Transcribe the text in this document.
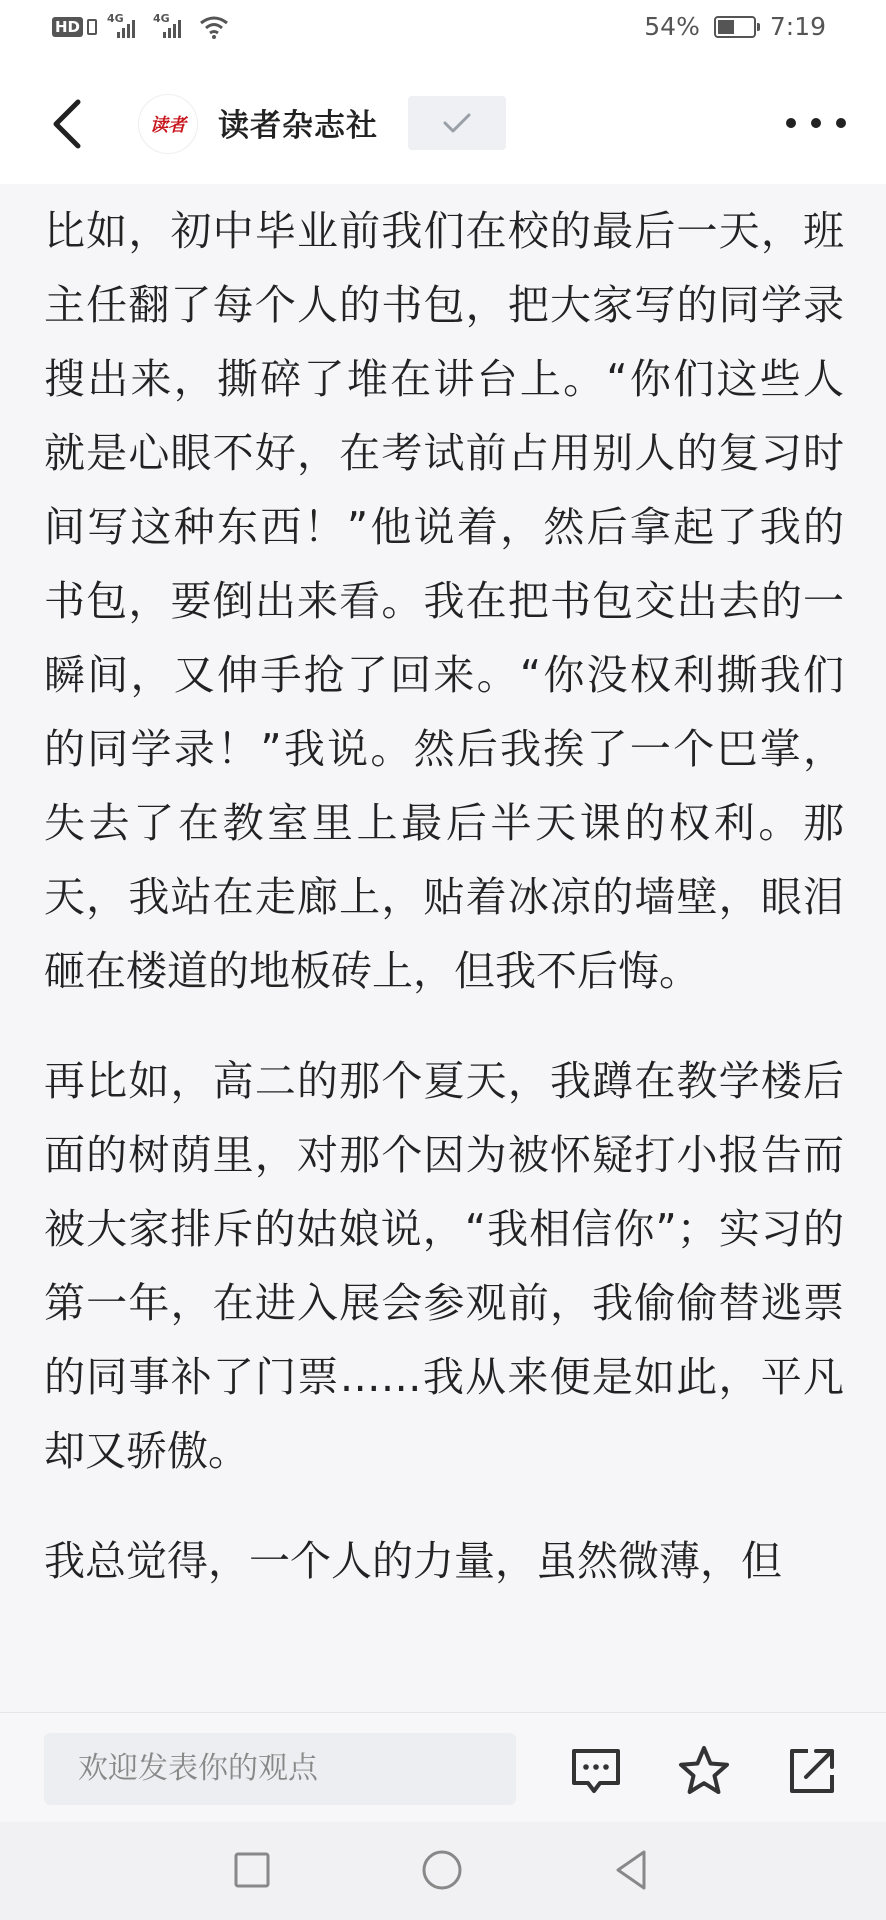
HD 4G	4G	54%	7:19
读者 读者杂志社

比如，初中毕业前我们在校的最后一天，班主任翻了每个人的书包，把大家写的同学录搜出来，撕碎了堆在讲台上。“你们这些人就是心眼不好，在考试前占用别人的复习时间写这种东西！”他说着，然后拿起了我的书包，要倒出来看。我在把书包交出去的一瞬间，又伸手抢了回来。“你没权利撕我们的同学录！”我说。然后我挨了一个巴掌，失去了在教室里上最后半天课的权利。那天，我站在走廊上，贴着冰凉的墙壁，眼泪砸在楼道的地板砖上，但我不后悔。

再比如，高二的那个夏天，我蹲在教学楼后面的树荫里，对那个因为被怀疑打小报告而被大家排斥的姑娘说，“我相信你”；实习的第一年，在进入展会参观前，我偷偷替逃票的同事补了门票……我从来便是如此，平凡却又骄傲。

我总觉得，一个人的力量，虽然微薄，但

欢迎发表你的观点
